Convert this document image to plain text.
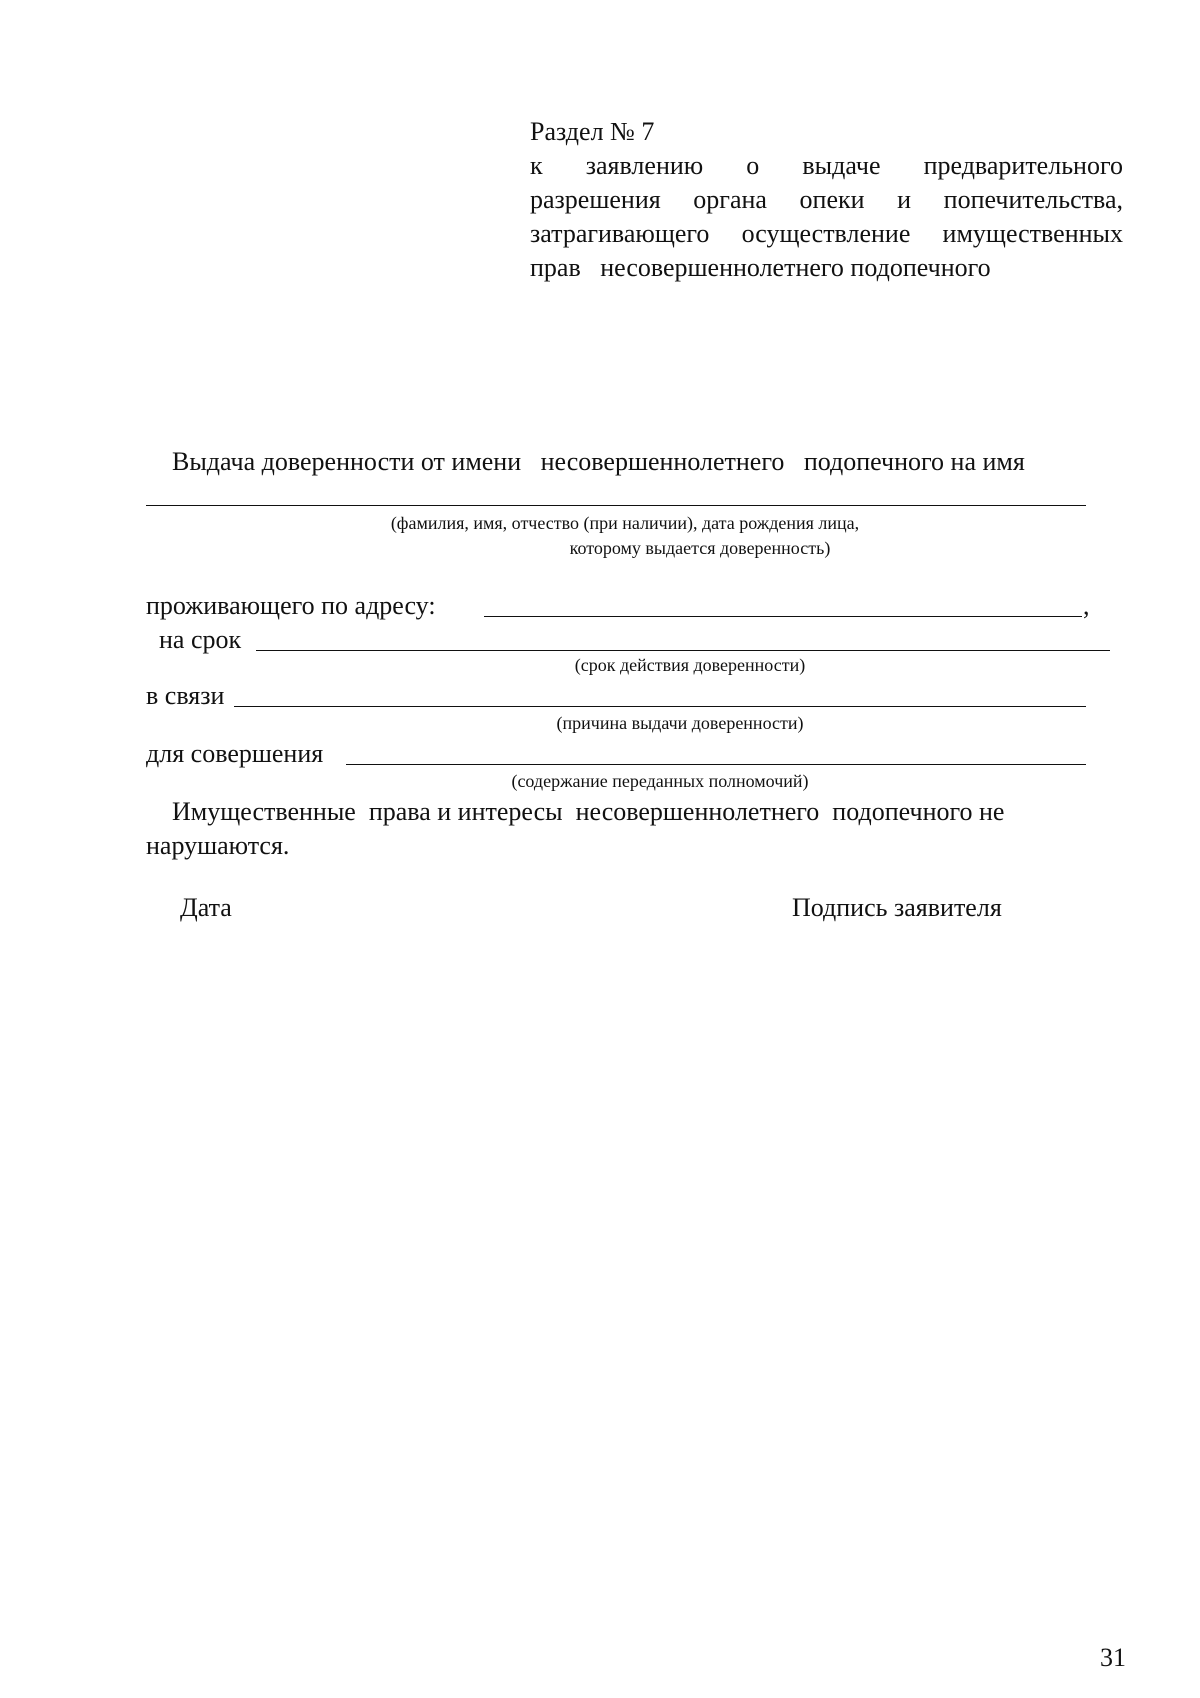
Раздел № 7
к заявлению о выдаче предварительного
разрешения органа опеки и попечительства,
затрагивающего осуществление имущественных
прав   несовершеннолетнего подопечного
Выдача доверенности от имени   несовершеннолетнего   подопечного на имя
(фамилия, имя, отчество (при наличии), дата рождения лица,
которому выдается доверенность)
проживающего по адресу:	,
на срок
(срок действия доверенности)
в связи
(причина выдачи доверенности)
для совершения
(содержание переданных полномочий)
Имущественные  права и интересы  несовершеннолетнего  подопечного не
нарушаются.
Дата	Подпись заявителя
31
